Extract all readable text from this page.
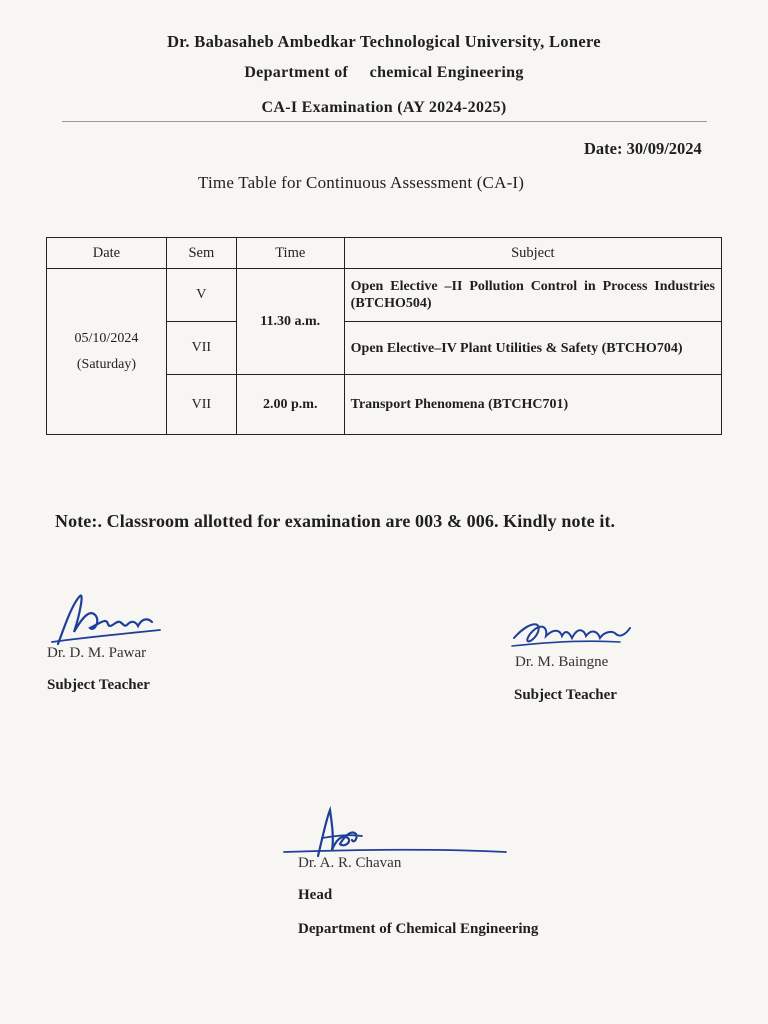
Dr. Babasaheb Ambedkar Technological University, Lonere
Department of     chemical Engineering
CA-I Examination (AY 2024-2025)
Date: 30/09/2024
Time Table for Continuous Assessment (CA-I)
Date	Sem	Time	Subject

05/10/2024
(Saturday)	V	11.30 a.m.	Open Elective –II Pollution Control in Process Industries (BTCHO504)
	VII		Open Elective–IV Plant Utilities & Safety (BTCHO704)
	VII	2.00 p.m.	Transport Phenomena (BTCHC701)
Note:. Classroom allotted for examination are 003 & 006. Kindly note it.
Dr. D. M. Pawar
Subject Teacher
Dr. M. Baingne
Subject Teacher
Dr. A. R. Chavan
Head
Department of Chemical Engineering
